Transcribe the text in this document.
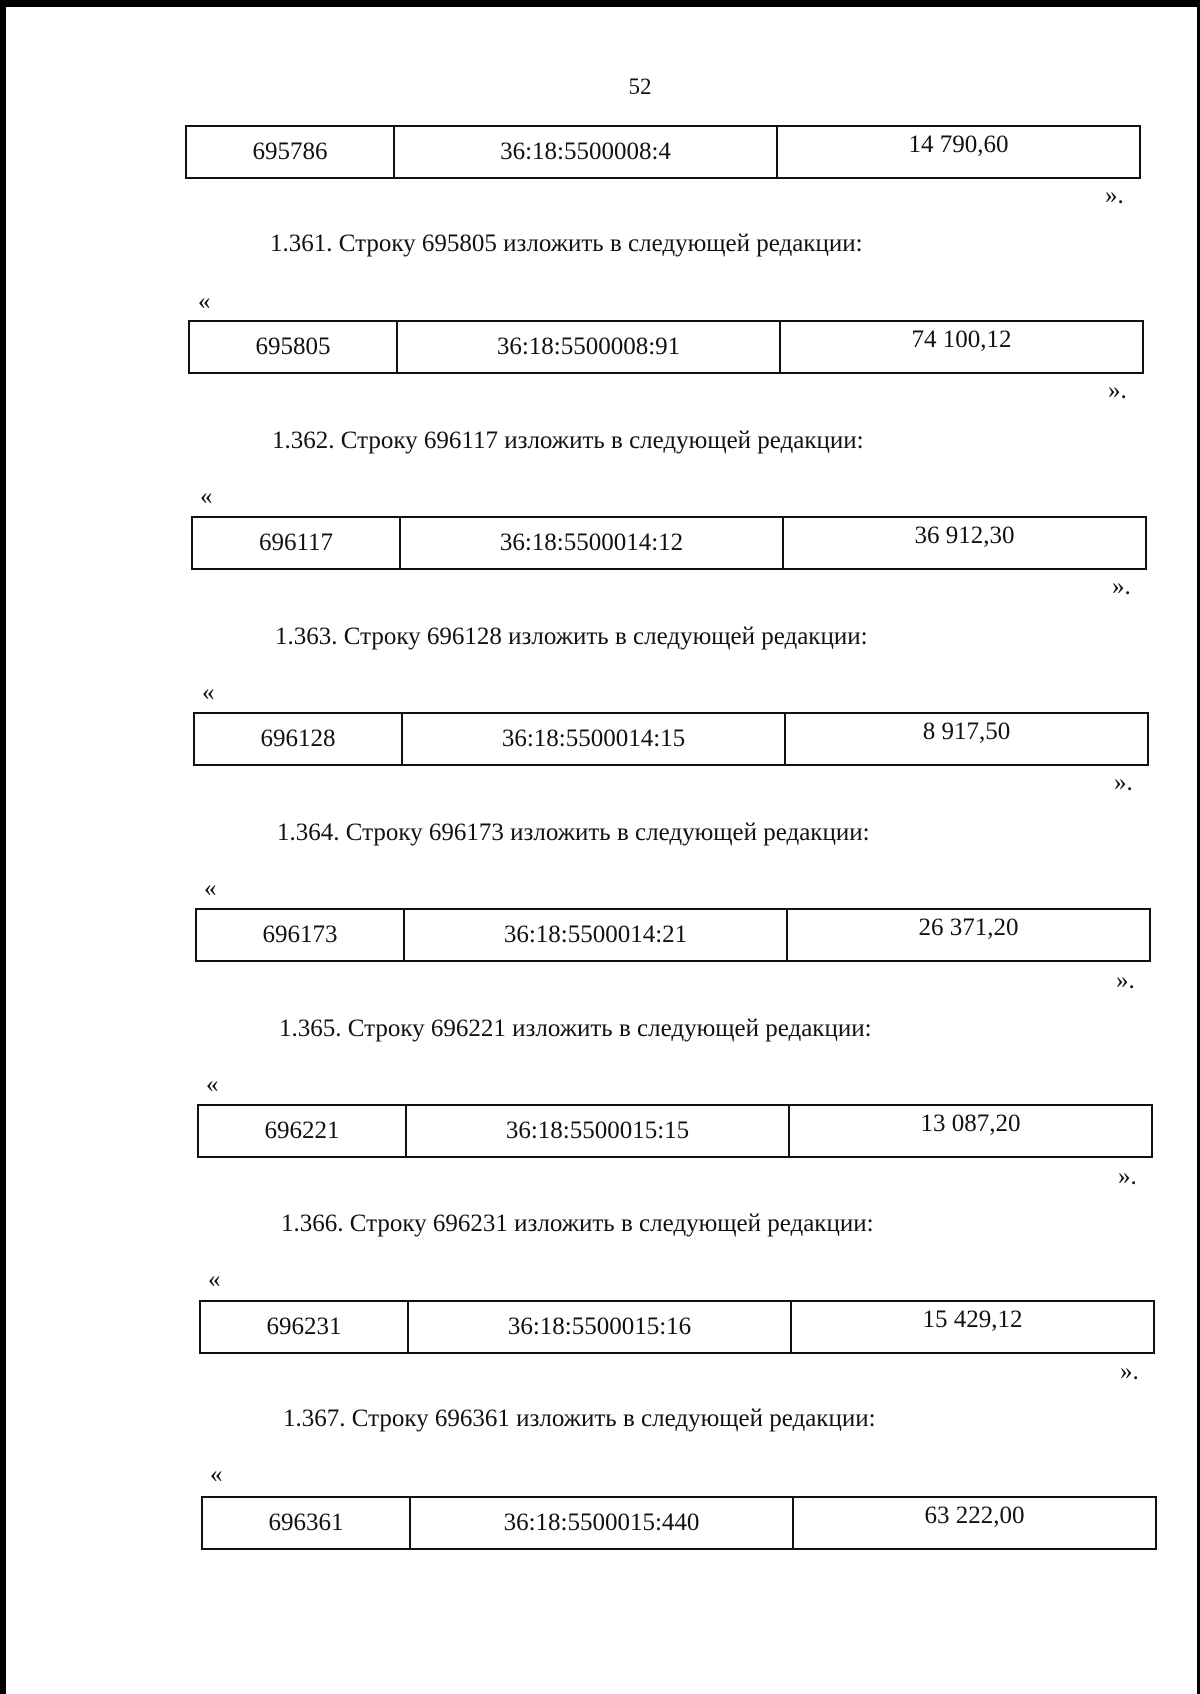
52
695786	36:18:5500008:4	14 790,60
».
1.361. Строку 695805 изложить в следующей редакции:
«
695805	36:18:5500008:91	74 100,12
».
1.362. Строку 696117 изложить в следующей редакции:
«
696117	36:18:5500014:12	36 912,30
».
1.363. Строку 696128 изложить в следующей редакции:
«
696128	36:18:5500014:15	8 917,50
».
1.364. Строку 696173 изложить в следующей редакции:
«
696173	36:18:5500014:21	26 371,20
».
1.365. Строку 696221 изложить в следующей редакции:
«
696221	36:18:5500015:15	13 087,20
».
1.366. Строку 696231 изложить в следующей редакции:
«
696231	36:18:5500015:16	15 429,12
».
1.367. Строку 696361 изложить в следующей редакции:
«
696361	36:18:5500015:440	63 222,00
